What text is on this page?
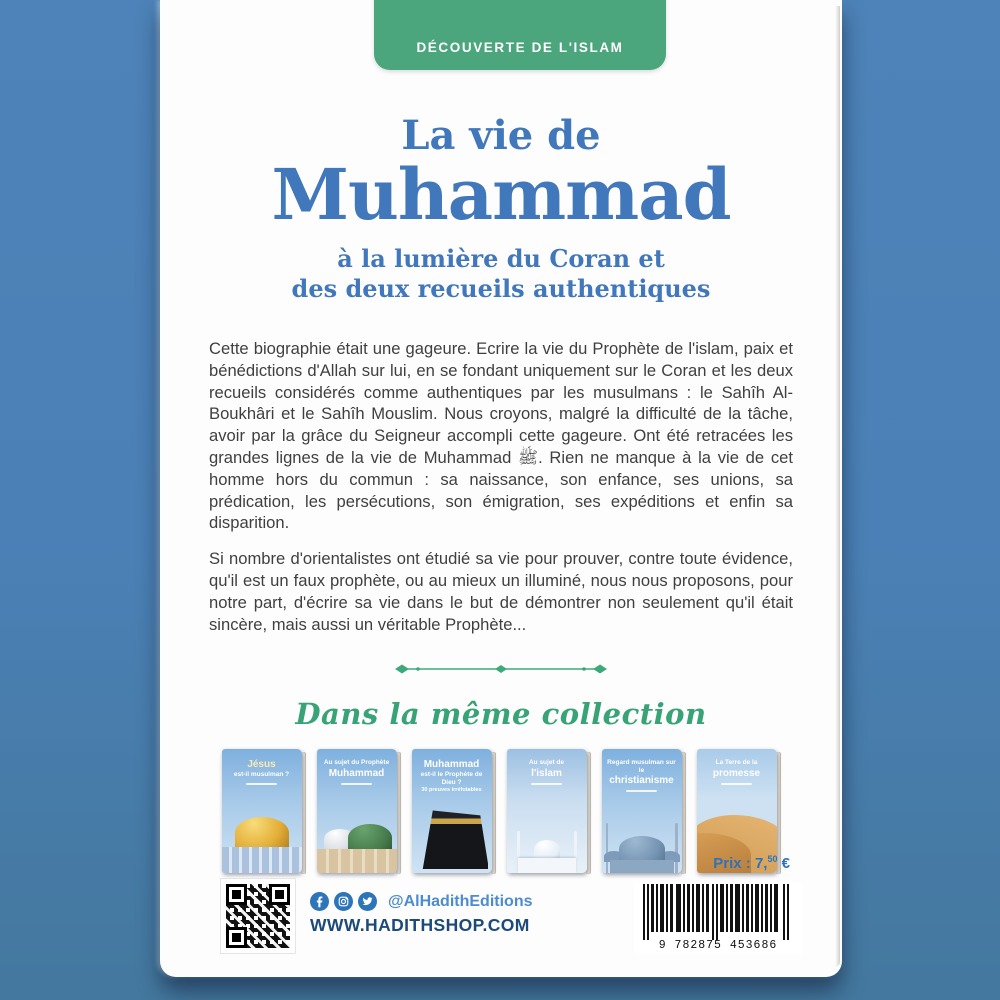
DÉCOUVERTE DE L'ISLAM
La vie de
Muhammad
à la lumière du Coran et
des deux recueils authentiques

Cette biographie était une gageure. Ecrire la vie du Prophète de l'islam, paix et bénédictions d'Allah sur lui, en se fondant uniquement sur le Coran et les deux recueils considérés comme authentiques par les musulmans : le Sahîh Al-Boukhâri et le Sahîh Mouslim. Nous croyons, malgré la difficulté de la tâche, avoir par la grâce du Seigneur accompli cette gageure. Ont été retracées les grandes lignes de la vie de Muhammad ﷺ. Rien ne manque à la vie de cet homme hors du commun : sa naissance, son enfance, ses unions, sa prédication, les persécutions, son émigration, ses expéditions et enfin sa disparition.

Si nombre d'orientalistes ont étudié sa vie pour prouver, contre toute évidence, qu'il est un faux prophète, ou au mieux un illuminé, nous nous proposons, pour notre part, d'écrire sa vie dans le but de démontrer non seulement qu'il était sincère, mais aussi un véritable Prophète...

Dans la même collection
Jésus
est-il musulman ?
Au sujet du Prophète
Muhammad
Muhammad
est-il le Prophète de Dieu ?
30 preuves irréfutables
Au sujet de
l'islam
Regard musulman sur le
christianisme
La Terre de la
promesse
Prix : 7,50 €
@AlHadithEditions
WWW.HADITHSHOP.COM
9 782875 453686
